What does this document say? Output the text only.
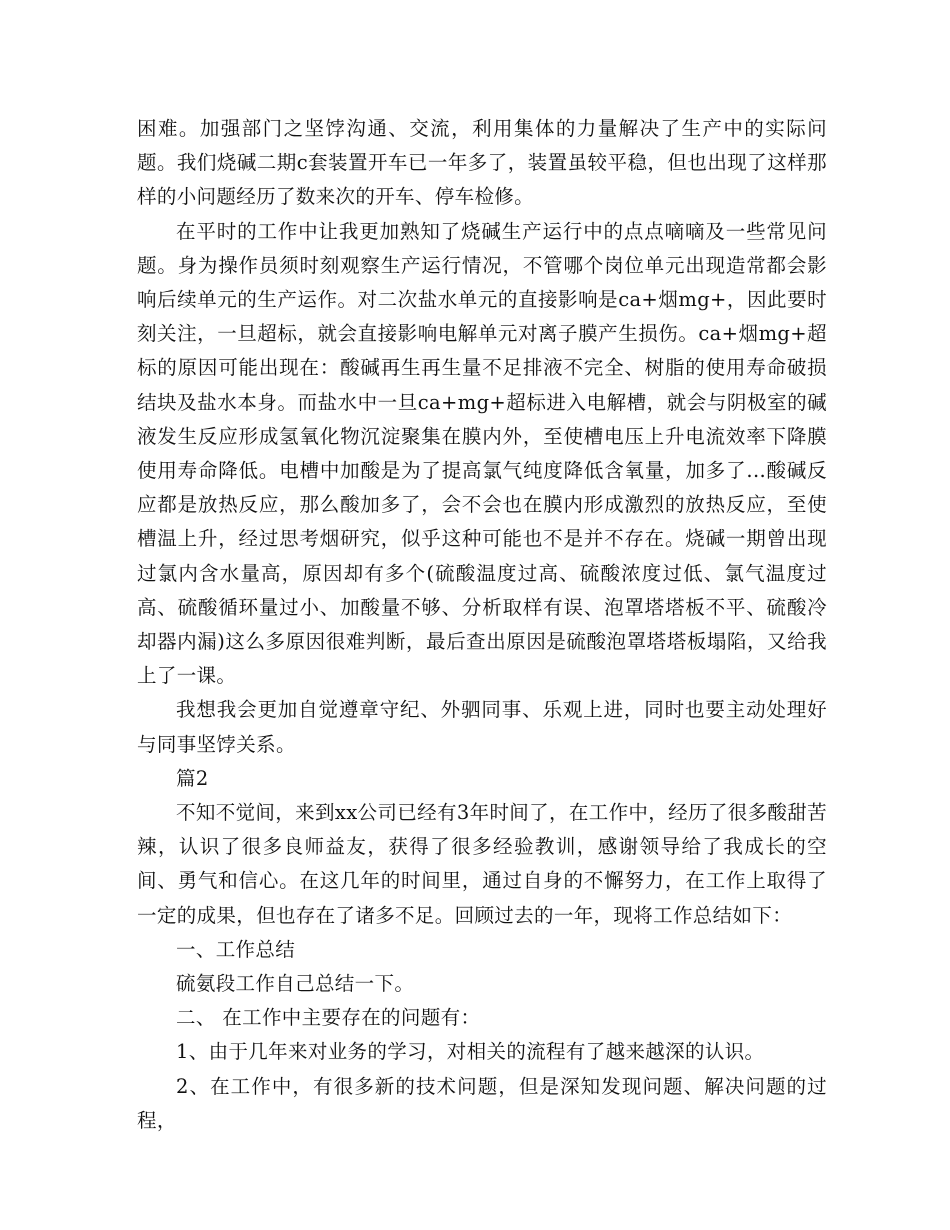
困难。加强部门之坚饽沟通、交流，利用集体的力量解决了生产中的实际问题。我们烧碱二期c套装置开车已一年多了，装置虽较平稳，但也出现了这样那样的小问题经历了数来次的开车、停车检修。

在平时的工作中让我更加熟知了烧碱生产运行中的点点嘀嘀及一些常见问题。身为操作员须时刻观察生产运行情况，不管哪个岗位单元出现造常都会影响后续单元的生产运作。对二次盐水单元的直接影响是ca+烟mg+，因此要时刻关注，一旦超标，就会直接影响电解单元对离子膜产生损伤。ca+烟mg+超标的原因可能出现在：酸碱再生再生量不足排液不完全、树脂的使用寿命破损结块及盐水本身。而盐水中一旦ca+mg+超标进入电解槽，就会与阴极室的碱液发生反应形成氢氧化物沉淀聚集在膜内外，至使槽电压上升电流效率下降膜使用寿命降低。电槽中加酸是为了提高氯气纯度降低含氧量，加多了...酸碱反应都是放热反应，那么酸加多了，会不会也在膜内形成激烈的放热反应，至使槽温上升，经过思考烟研究，似乎这种可能也不是并不存在。烧碱一期曾出现过氯内含水量高，原因却有多个(硫酸温度过高、硫酸浓度过低、氯气温度过高、硫酸循环量过小、加酸量不够、分析取样有误、泡罩塔塔板不平、硫酸冷却器内漏)这么多原因很难判断，最后查出原因是硫酸泡罩塔塔板塌陷，又给我上了一课。

我想我会更加自觉遵章守纪、外驷同事、乐观上进，同时也要主动处理好与同事坚饽关系。

篇2

不知不觉间，来到xx公司已经有3年时间了，在工作中，经历了很多酸甜苦辣，认识了很多良师益友，获得了很多经验教训，感谢领导给了我成长的空间、勇气和信心。在这几年的时间里，通过自身的不懈努力，在工作上取得了一定的成果，但也存在了诸多不足。回顾过去的一年，现将工作总结如下：

一、工作总结

硫氨段工作自己总结一下。

二、 在工作中主要存在的问题有：

1、由于几年来对业务的学习，对相关的流程有了越来越深的认识。

2、在工作中，有很多新的技术问题，但是深知发现问题、解决问题的过程，
